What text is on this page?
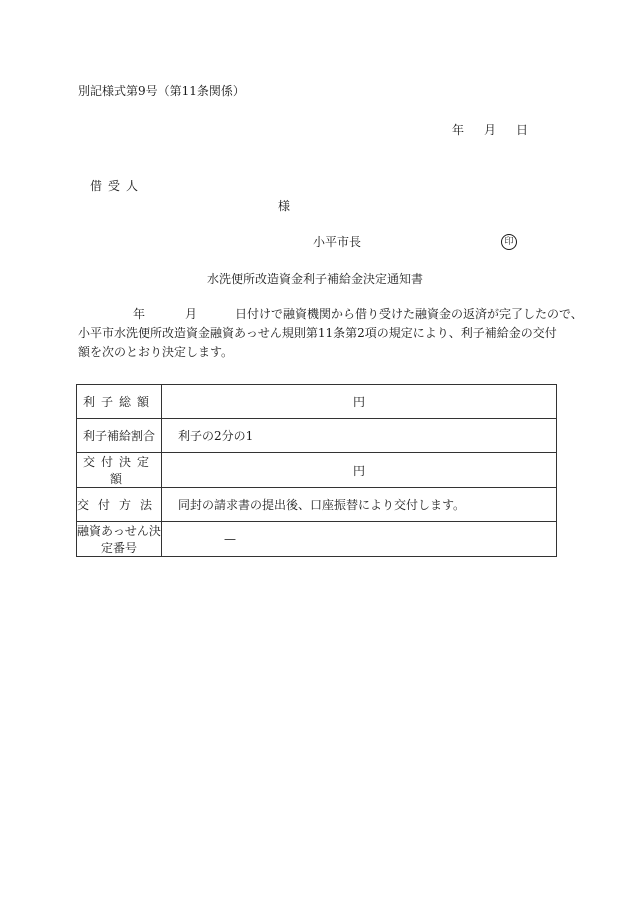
別記様式第9号（第11条関係）
年 月 日
借受人
様
小平市長	印
水洗便所改造資金利子補給金決定通知書
年	月	日付けで融資機関から借り受けた融資金の返済が完了したので、
小平市水洗便所改造資金融資あっせん規則第11条第2項の規定により、利子補給金の交付
額を次のとおり決定します。
利子総額	円
利子補給割合	利子の2分の1
交付決定額	円
交付方法	同封の請求書の提出後、口座振替により交付します。
融資あっせん決定番号	—
